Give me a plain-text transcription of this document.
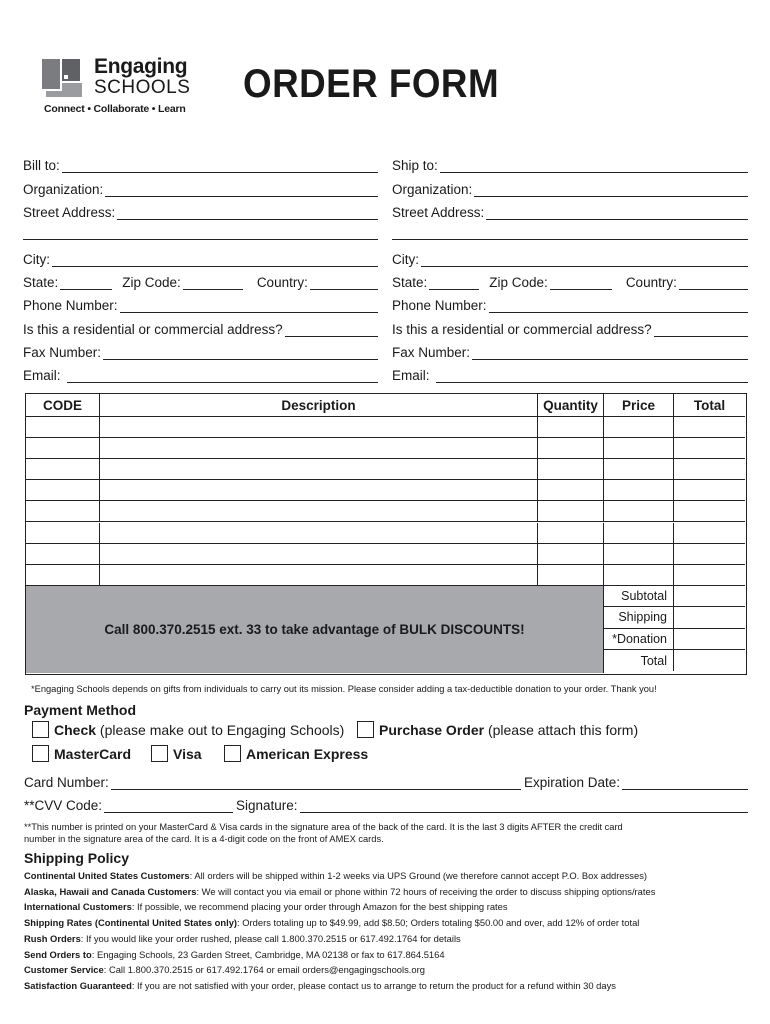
Engaging
SCHOOLS
Connect • Collaborate • Learn
ORDER FORM
Bill to:
Organization:
Street Address:
City:
State:	Zip Code:	Country:
Phone Number:
Is this a residential or commercial address?
Fax Number:
Email:
Ship to:
Organization:
Street Address:
City:
State:	Zip Code:	Country:
Phone Number:
Is this a residential or commercial address?
Fax Number:
Email:
CODE	Description	Quantity	Price	Total
Call 800.370.2515 ext. 33 to take advantage of BULK DISCOUNTS!
Subtotal
Shipping
*Donation
Total
*Engaging Schools depends on gifts from individuals to carry out its mission. Please consider adding a tax-deductible donation to your order. Thank you!
Payment Method
Check
(please make out to Engaging Schools) Purchase Order
(please attach this form)
MasterCard	Visa	American Express
Card Number:	Expiration Date:
**CVV Code:	Signature:
**This number is printed on your MasterCard & Visa cards in the signature area of the back of the card. It is the last 3 digits AFTER the credit card
number in the signature area of the card. It is a 4-digit code on the front of AMEX cards.
Shipping Policy
Continental United States Customers: All orders will be shipped within 1-2 weeks via UPS Ground (we therefore cannot accept P.O. Box addresses)
Alaska, Hawaii and Canada Customers: We will contact you via email or phone within 72 hours of receiving the order to discuss shipping options/rates
International Customers: If possible, we recommend placing your order through Amazon for the best shipping rates
Shipping Rates (Continental United States only): Orders totaling up to $49.99, add $8.50; Orders totaling $50.00 and over, add 12% of order total
Rush Orders: If you would like your order rushed, please call 1.800.370.2515 or 617.492.1764 for details
Send Orders to: Engaging Schools, 23 Garden Street, Cambridge, MA 02138 or fax to 617.864.5164
Customer Service: Call 1.800.370.2515 or 617.492.1764 or email orders@engagingschools.org
Satisfaction Guaranteed: If you are not satisfied with your order, please contact us to arrange to return the product for a refund within 30 days
